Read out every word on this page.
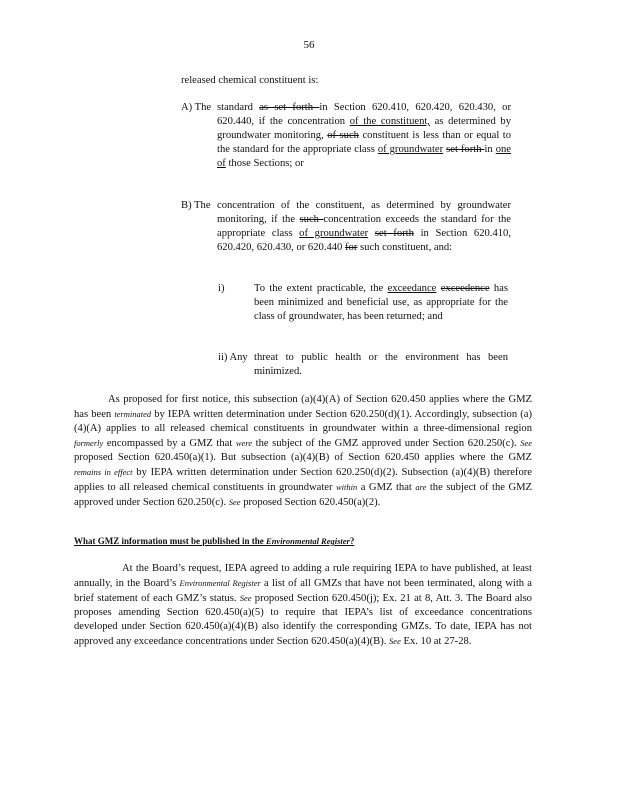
56
released chemical constituent is:
A) The standard as set forth in Section 620.410, 620.420, 620.430, or 620.440, if the concentration of the constituent, as determined by groundwater monitoring, of such constituent is less than or equal to the standard for the appropriate class of groundwater set forth in one of those Sections; or
B) The concentration of the constituent, as determined by groundwater monitoring, if the such concentration exceeds the standard for the appropriate class of groundwater set forth in Section 620.410, 620.420, 620.430, or 620.440 for such constituent, and:
i)	To the extent practicable, the exceedance exceedence has been minimized and beneficial use, as appropriate for the class of groundwater, has been returned; and
ii) Any threat to public health or the environment has been minimized.
As proposed for first notice, this subsection (a)(4)(A) of Section 620.450 applies where the GMZ has been terminated by IEPA written determination under Section 620.250(d)(1). Accordingly, subsection (a)(4)(A) applies to all released chemical constituents in groundwater within a three-dimensional region formerly encompassed by a GMZ that were the subject of the GMZ approved under Section 620.250(c). See proposed Section 620.450(a)(1). But subsection (a)(4)(B) of Section 620.450 applies where the GMZ remains in effect by IEPA written determination under Section 620.250(d)(2). Subsection (a)(4)(B) therefore applies to all released chemical constituents in groundwater within a GMZ that are the subject of the GMZ approved under Section 620.250(c). See proposed Section 620.450(a)(2).
What GMZ information must be published in the Environmental Register?
At the Board’s request, IEPA agreed to adding a rule requiring IEPA to have published, at least annually, in the Board’s Environmental Register a list of all GMZs that have not been terminated, along with a brief statement of each GMZ’s status. See proposed Section 620.450(j); Ex. 21 at 8, Att. 3. The Board also proposes amending Section 620.450(a)(5) to require that IEPA’s list of exceedance concentrations developed under Section 620.450(a)(4)(B) also identify the corresponding GMZs. To date, IEPA has not approved any exceedance concentrations under Section 620.450(a)(4)(B). See Ex. 10 at 27-28.
